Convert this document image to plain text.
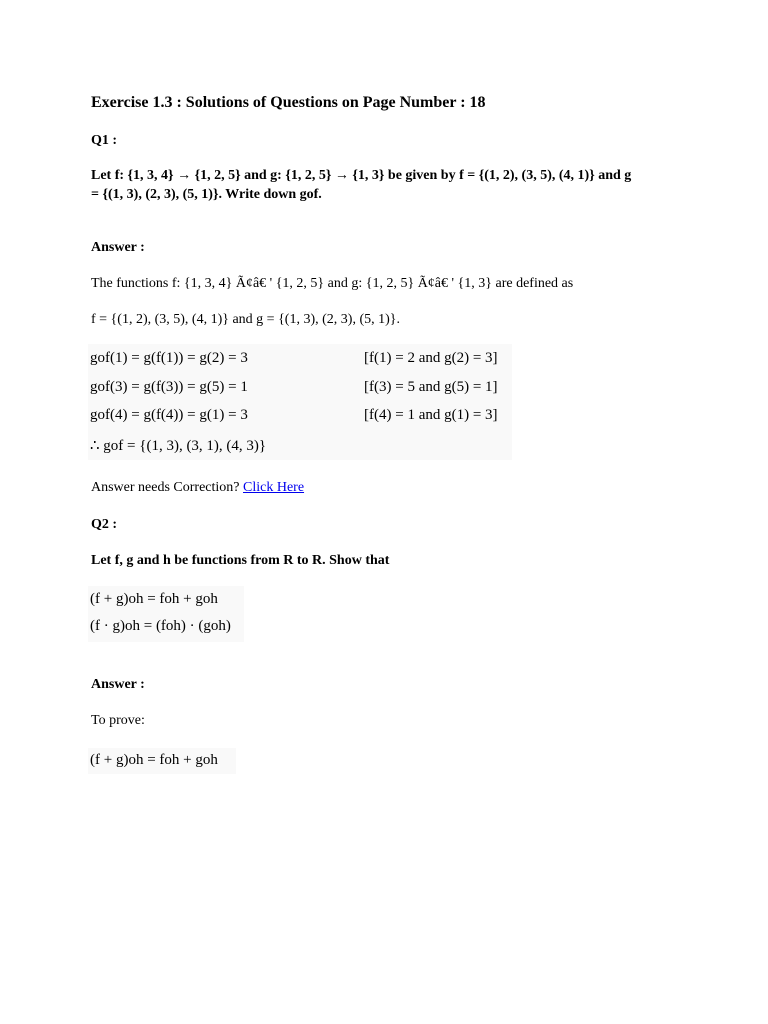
Exercise 1.3 : Solutions of Questions on Page Number : 18
Q1 :
Let f: {1, 3, 4} → {1, 2, 5} and g: {1, 2, 5} → {1, 3} be given by f = {(1, 2), (3, 5), (4, 1)} and g
= {(1, 3), (2, 3), (5, 1)}. Write down gof.
Answer :
The functions f: {1, 3, 4} Ã¢â€ ' {1, 2, 5} and g: {1, 2, 5} Ã¢â€ ' {1, 3} are defined as
f = {(1, 2), (3, 5), (4, 1)} and g = {(1, 3), (2, 3), (5, 1)}.
gof(1) = g(f(1)) = g(2) = 3	[f(1) = 2 and g(2) = 3]
gof(3) = g(f(3)) = g(5) = 1	[f(3) = 5 and g(5) = 1]
gof(4) = g(f(4)) = g(1) = 3	[f(4) = 1 and g(1) = 3]
∴ gof = {(1, 3), (3, 1), (4, 3)}
Answer needs Correction? Click Here
Q2 :
Let f, g and h be functions from R to R. Show that
(f + g)oh = foh + goh
(f · g)oh = (foh) · (goh)
Answer :
To prove:
(f + g)oh = foh + goh
